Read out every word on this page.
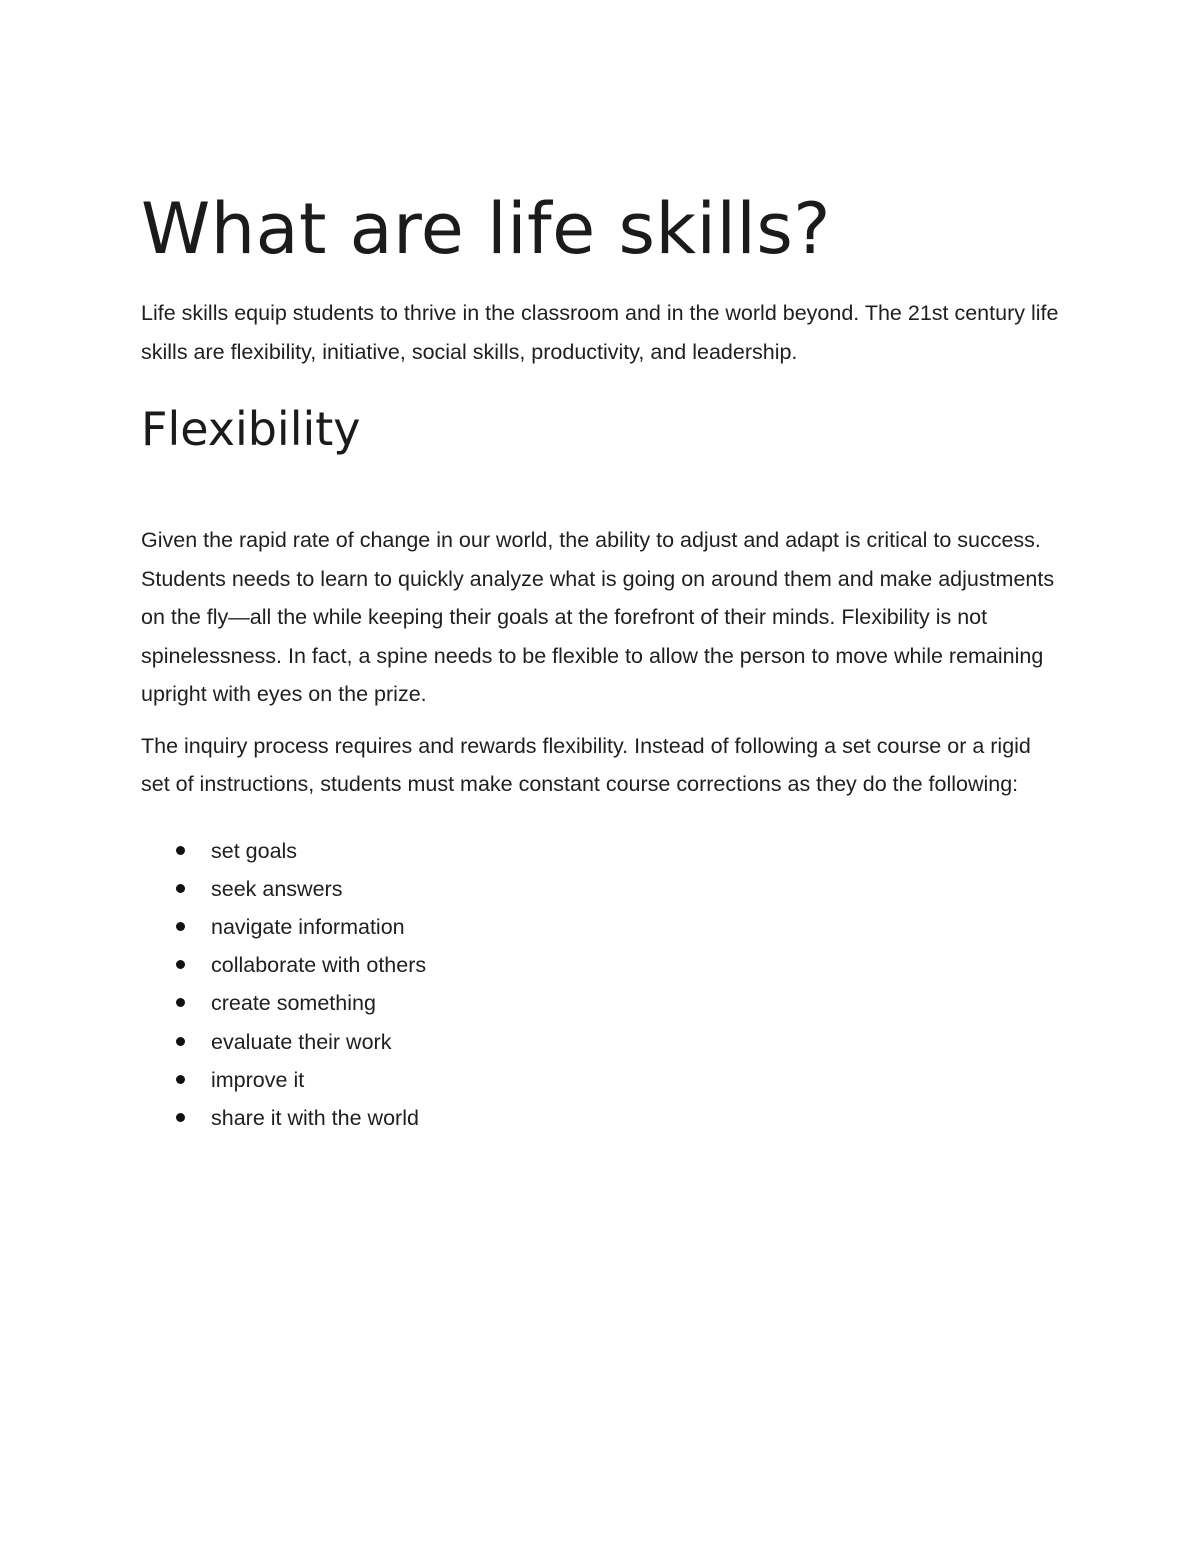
What are life skills?

Life skills equip students to thrive in the classroom and in the world beyond. The 21st century life skills are flexibility, initiative, social skills, productivity, and leadership.

Flexibility

Given the rapid rate of change in our world, the ability to adjust and adapt is critical to success. Students needs to learn to quickly analyze what is going on around them and make adjustments on the fly—all the while keeping their goals at the forefront of their minds. Flexibility is not spinelessness. In fact, a spine needs to be flexible to allow the person to move while remaining upright with eyes on the prize.

The inquiry process requires and rewards flexibility. Instead of following a set course or a rigid set of instructions, students must make constant course corrections as they do the following:

set goals
seek answers
navigate information
collaborate with others
create something
evaluate their work
improve it
share it with the world
